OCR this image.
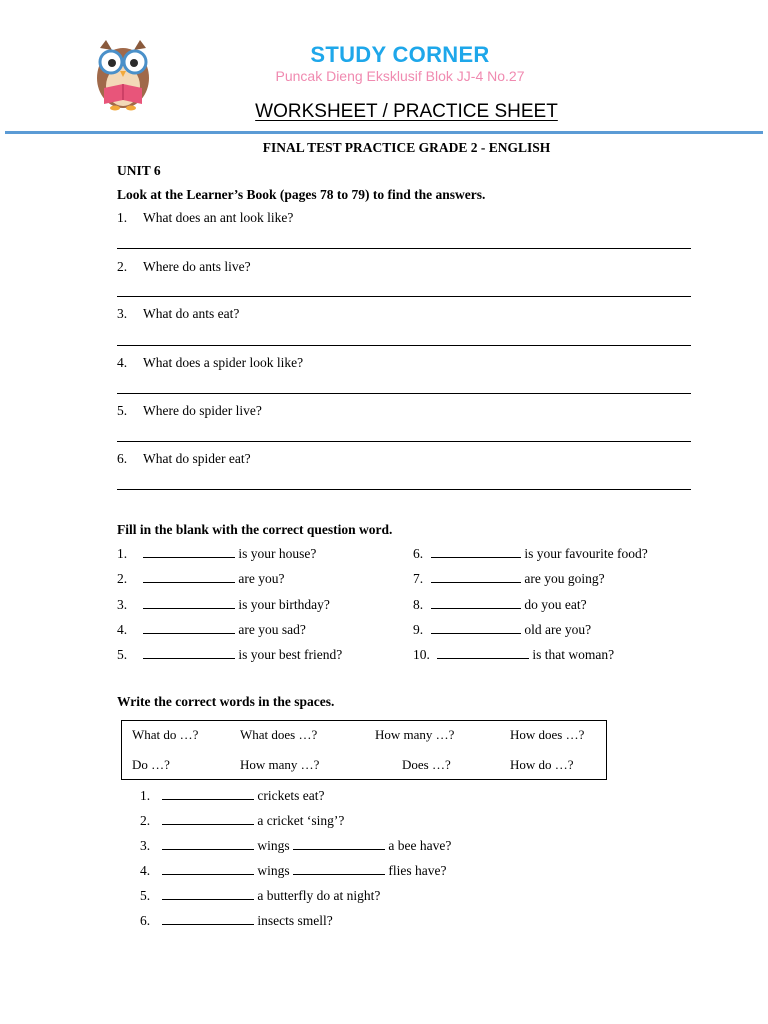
STUDY CORNER
Puncak Dieng Eksklusif Blok JJ-4 No.27
WORKSHEET / PRACTICE SHEET
FINAL TEST PRACTICE GRADE 2 - ENGLISH
UNIT 6
Look at the Learner’s Book (pages 78 to 79) to find the answers.
1. What does an ant look like?
2. Where do ants live?
3. What do ants eat?
4. What does a spider look like?
5. Where do spider live?
6. What do spider eat?
Fill in the blank with the correct question word.
1.	is your house?
2.	are you?
3.	is your birthday?
4.	are you sad?
5.	is your best friend?
6.	is your favourite food?
7.	are you going?
8.	do you eat?
9.	old are you?
10.	is that woman?
Write the correct words in the spaces.
What do …?	What does …?	How many …?	How does …?
Do …?	How many …?	Does …?	How do …?
1.	crickets eat?
2.	a cricket ‘sing’?
3.	wings	a bee have?
4.	wings	flies have?
5.	a butterfly do at night?
6.	insects smell?
